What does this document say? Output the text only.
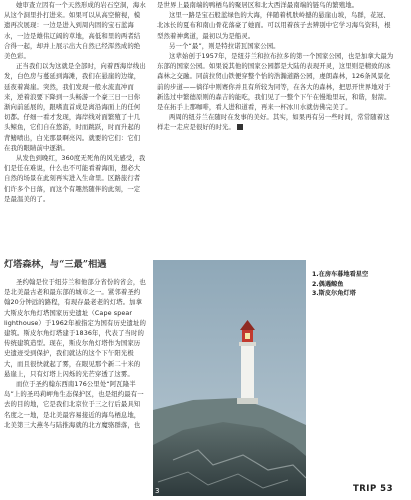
她审查立因有一个天然形成的岩石空洞，海水从这个洞里扑打进来。如果可以从高空俯视，模遗再次展现：一边是进入到周内固的宝石蓝海水，一边是雄伟辽阔的草地，高低和里的两者结合得一起，却并上展示出大自然已经浑然成的绝美色彩。

正当我们以为这就是全部时，向着西海岸线出发，白色房与蔓延到海滩，我们在悬崖的边缘，延夜着嵩崖。突然，我们发现一般水流直冲而来，逆着浪要下降到一头畅游一个豪三日一日你渐向前延展的，跟嗜直首成是离沿海面上的任何切都。仔细一看才发现，海岸线对面繁殖了十几头鲸鱼，它们自在悠游，时而跳跃，时而升起的背鳍喷出，白光那景啊亮闪。就要的它们：它们在我的眼睛前中逐渐。

从发色到晚红，360度无死角的风光感受，我们是任在难说，什么也不可能看着海面，想必大自然的场景在此刻再实进入生命里。区路旅行者们许多个日落，而这个有趣然随伴的此刻，一定是最温美的了。

灯塔森林，与“三最”相遇

圣约翰是位于纽芬兰和他部分省份的省会，也是北美最古老和最东部的城市之一。紧邻着圣约翰20分钟远的路程，有现存最老老的灯塔。加拿大斯皮尔角灯塔国家历史遗址（Cape spear lighthouse）于1962年被指定为国有历史遗址的建筑。斯皮尔角灯塔建于1836年，代表了当时的传统建筑造型。现在，斯皮尔角灯塔作为国家历史遗迹受到保护，我们就达的这个下午阳光极大，而且很快就起了雾，在眼见那个新二十米的悬崖上，只有灯塔上闪烁的光芒穿透了这雾。

而位于圣约翰东西南176公里处“阿瓦隆半岛”上的圣玛莉岬角生态保护区，也是纽约最有一去的目的地，它是我们北京位于三之行后最具知名度之一地，是北美最容易接近的海鸟栖息地，北美第三大燕冬与陆推海就的北方魔骆群落，也

是世界上最南端的鸭栖鸟的聚居区和北大西洋最南端的链鸟的繁殖地。

这里一路是宝石般蓝绿色的大海，伴随着机肤岭撼的悬崖山坡，鸟群，花冠、北冰长的夏布和南山骨花落豪了她面。可以用着孩子去辨别中它学习海鸟资料，根型然着神禽道，最初以为是船灵。

另一个“最”，则是特拉诺瓦国家公园。

这辈始创于1957年，是纽芬兰和拉布拉多的第一个国家公园，也是加拿大最为东部的国家公园。如果说其他的国家公园都是大陆的表现开灵，这里则是精致的冰森林之交融。同前拉贸山铁便穿整个怡的浩瀚道路公园，虔朗森林，126条风景化前的步道——徜徉中则赛你并且有所较为同等，在各大的森林，把思开世界地对于新选过中繁德原则的森吉的能吃，我们见了一整个下午在慢地里玩，和谐，射箭。是在拓手上那咖啡，看人进和道看，再来一杯冰川水就仿佛完美了。

两周的纽芬兰在随时在发事的美好。其实，如果再有另一些时间，常常随着这样走一走应是很好的时光。

3
1.在房车暮地看星空
2.偶遇鲸鱼
3.斯皮尔角灯塔
TRIP 53
